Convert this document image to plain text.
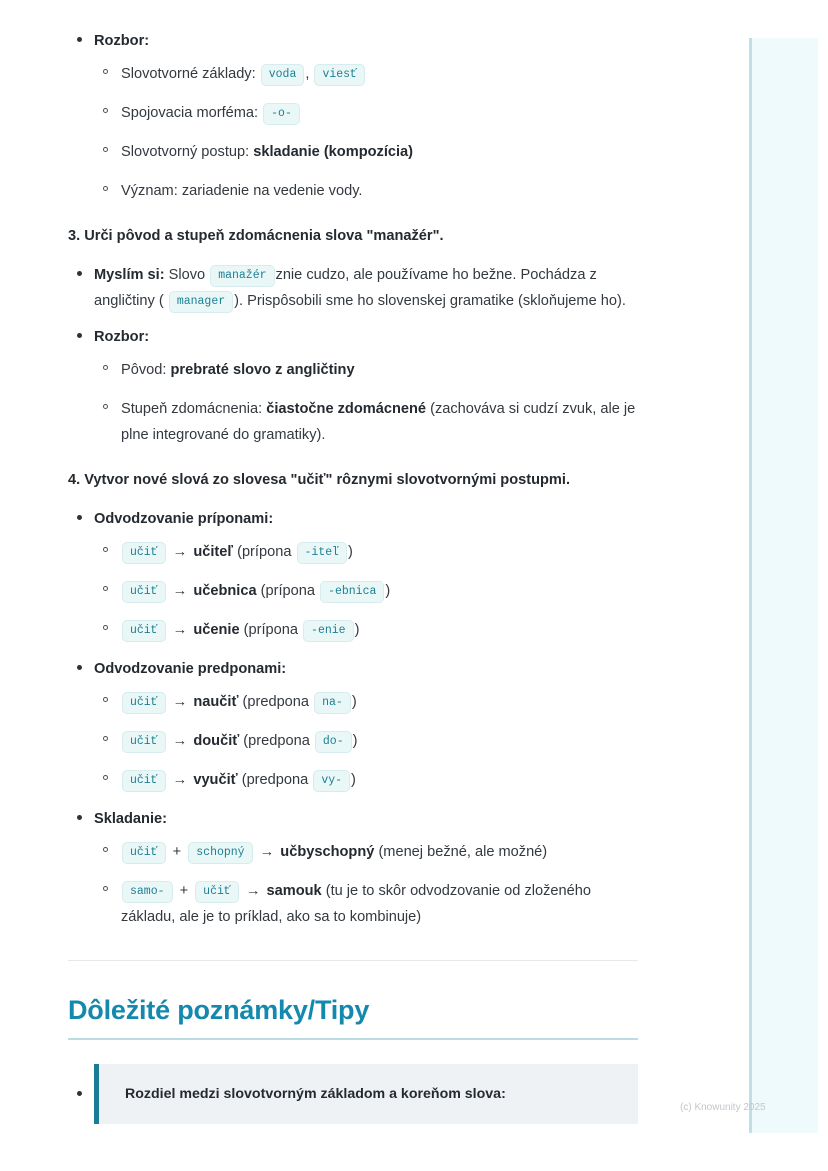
Rozbor:
Slovotvorné základy: voda , viesť
Spojovacia morféma: -o-
Slovotvorný postup: skladanie (kompozícia)
Význam: zariadenie na vedenie vody.
3. Urči pôvod a stupeň zdomácnenia slova "manažér".
Myslím si: Slovo manažér znie cudzo, ale používame ho bežne. Pochádza z angličtiny ( manager ). Prispôsobili sme ho slovenskej gramatike (skloňujeme ho).
Rozbor:
Pôvod: prebraté slovo z angličtiny
Stupeň zdomácnenia: čiastočne zdomácnené (zachováva si cudzí zvuk, ale je plne integrované do gramatiky).
4. Vytvor nové slová zo slovesa "učiť" rôznymi slovotvornými postupmi.
Odvodzovanie príponami:
učiť → učiteľ (prípona -iteľ )
učiť → učebnica (prípona -ebnica )
učiť → učenie (prípona -enie )
Odvodzovanie predponami:
učiť → naučiť (predpona na- )
učiť → doučiť (predpona do- )
učiť → vyučiť (predpona vy- )
Skladanie:
učiť + schopný → učbyschopný (menej bežné, ale možné)
samo- + učiť → samouk (tu je to skôr odvodzovanie od zloženého základu, ale je to príklad, ako sa to kombinuje)
Dôležité poznámky/Tipy
Rozdiel medzi slovotvorným základom a koreňom slova:
(c) Knowunity 2025
